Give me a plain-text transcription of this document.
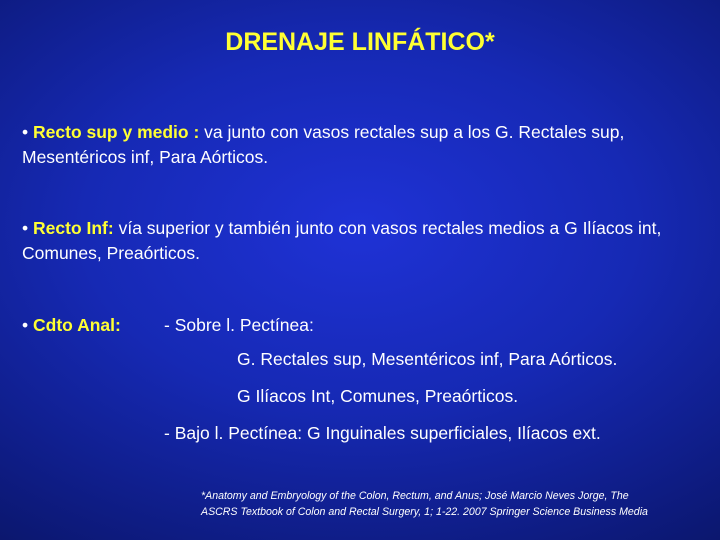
DRENAJE LINFÁTICO*
• Recto sup y medio : va junto con vasos rectales sup a los G. Rectales sup, Mesentéricos inf, Para Aórticos.
• Recto Inf: vía superior y también junto con vasos rectales medios a G Ilíacos int, Comunes, Preaórticos.
• Cdto Anal: - Sobre l. Pectínea:
G. Rectales sup, Mesentéricos inf, Para Aórticos.
G Ilíacos Int, Comunes, Preaórticos.
- Bajo l. Pectínea: G Inguinales superficiales, Ilíacos ext.
*Anatomy and Embryology of the Colon, Rectum, and Anus; José Marcio Neves Jorge, The
ASCRS Textbook of Colon and Rectal Surgery, 1; 1-22. 2007 Springer Science Business Media
